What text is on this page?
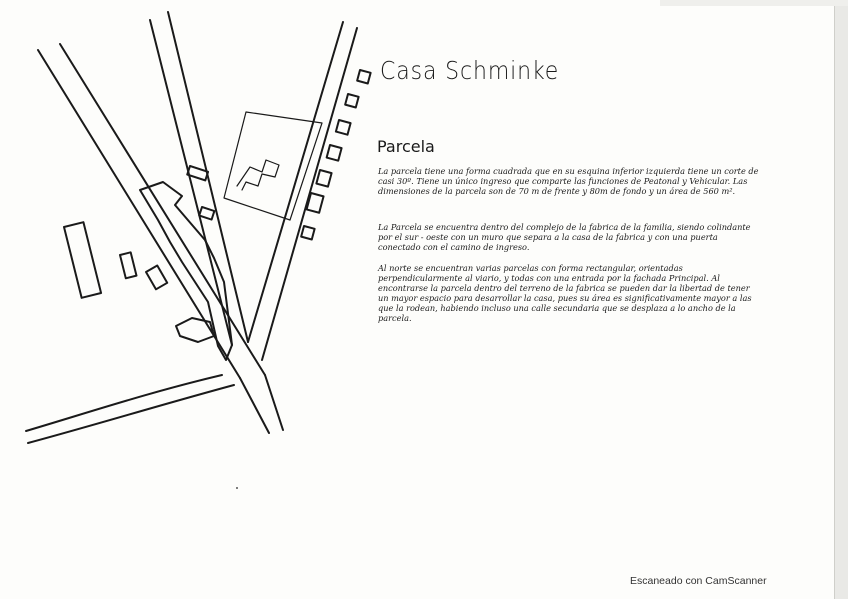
Casa Schminke
Parcela

La parcela tiene una forma cuadrada que en su esquina inferior izquierda tiene un corte de casi 30º. Tiene un único ingreso que comparte las funciones de Peatonal y Vehicular. Las dimensiones de la parcela son de 70 m de frente y 80m de fondo y un área de 560 m².

La Parcela se encuentra dentro del complejo de la fabrica de la familia, siendo colindante por el sur - oeste con un muro que separa a la casa de la fabrica y con una puerta conectado con el camino de ingreso.

Al norte se encuentran varias parcelas con forma rectangular, orientadas perpendicularmente al viario, y todas con una entrada por la fachada Principal. Al encontrarse la parcela dentro del terreno de la fabrica se pueden dar la libertad de tener un mayor espacio para desarrollar la casa, pues su área es significativamente mayor a las que la rodean, habiendo incluso una calle secundaria que se desplaza a lo ancho de la parcela.

Escaneado con CamScanner
